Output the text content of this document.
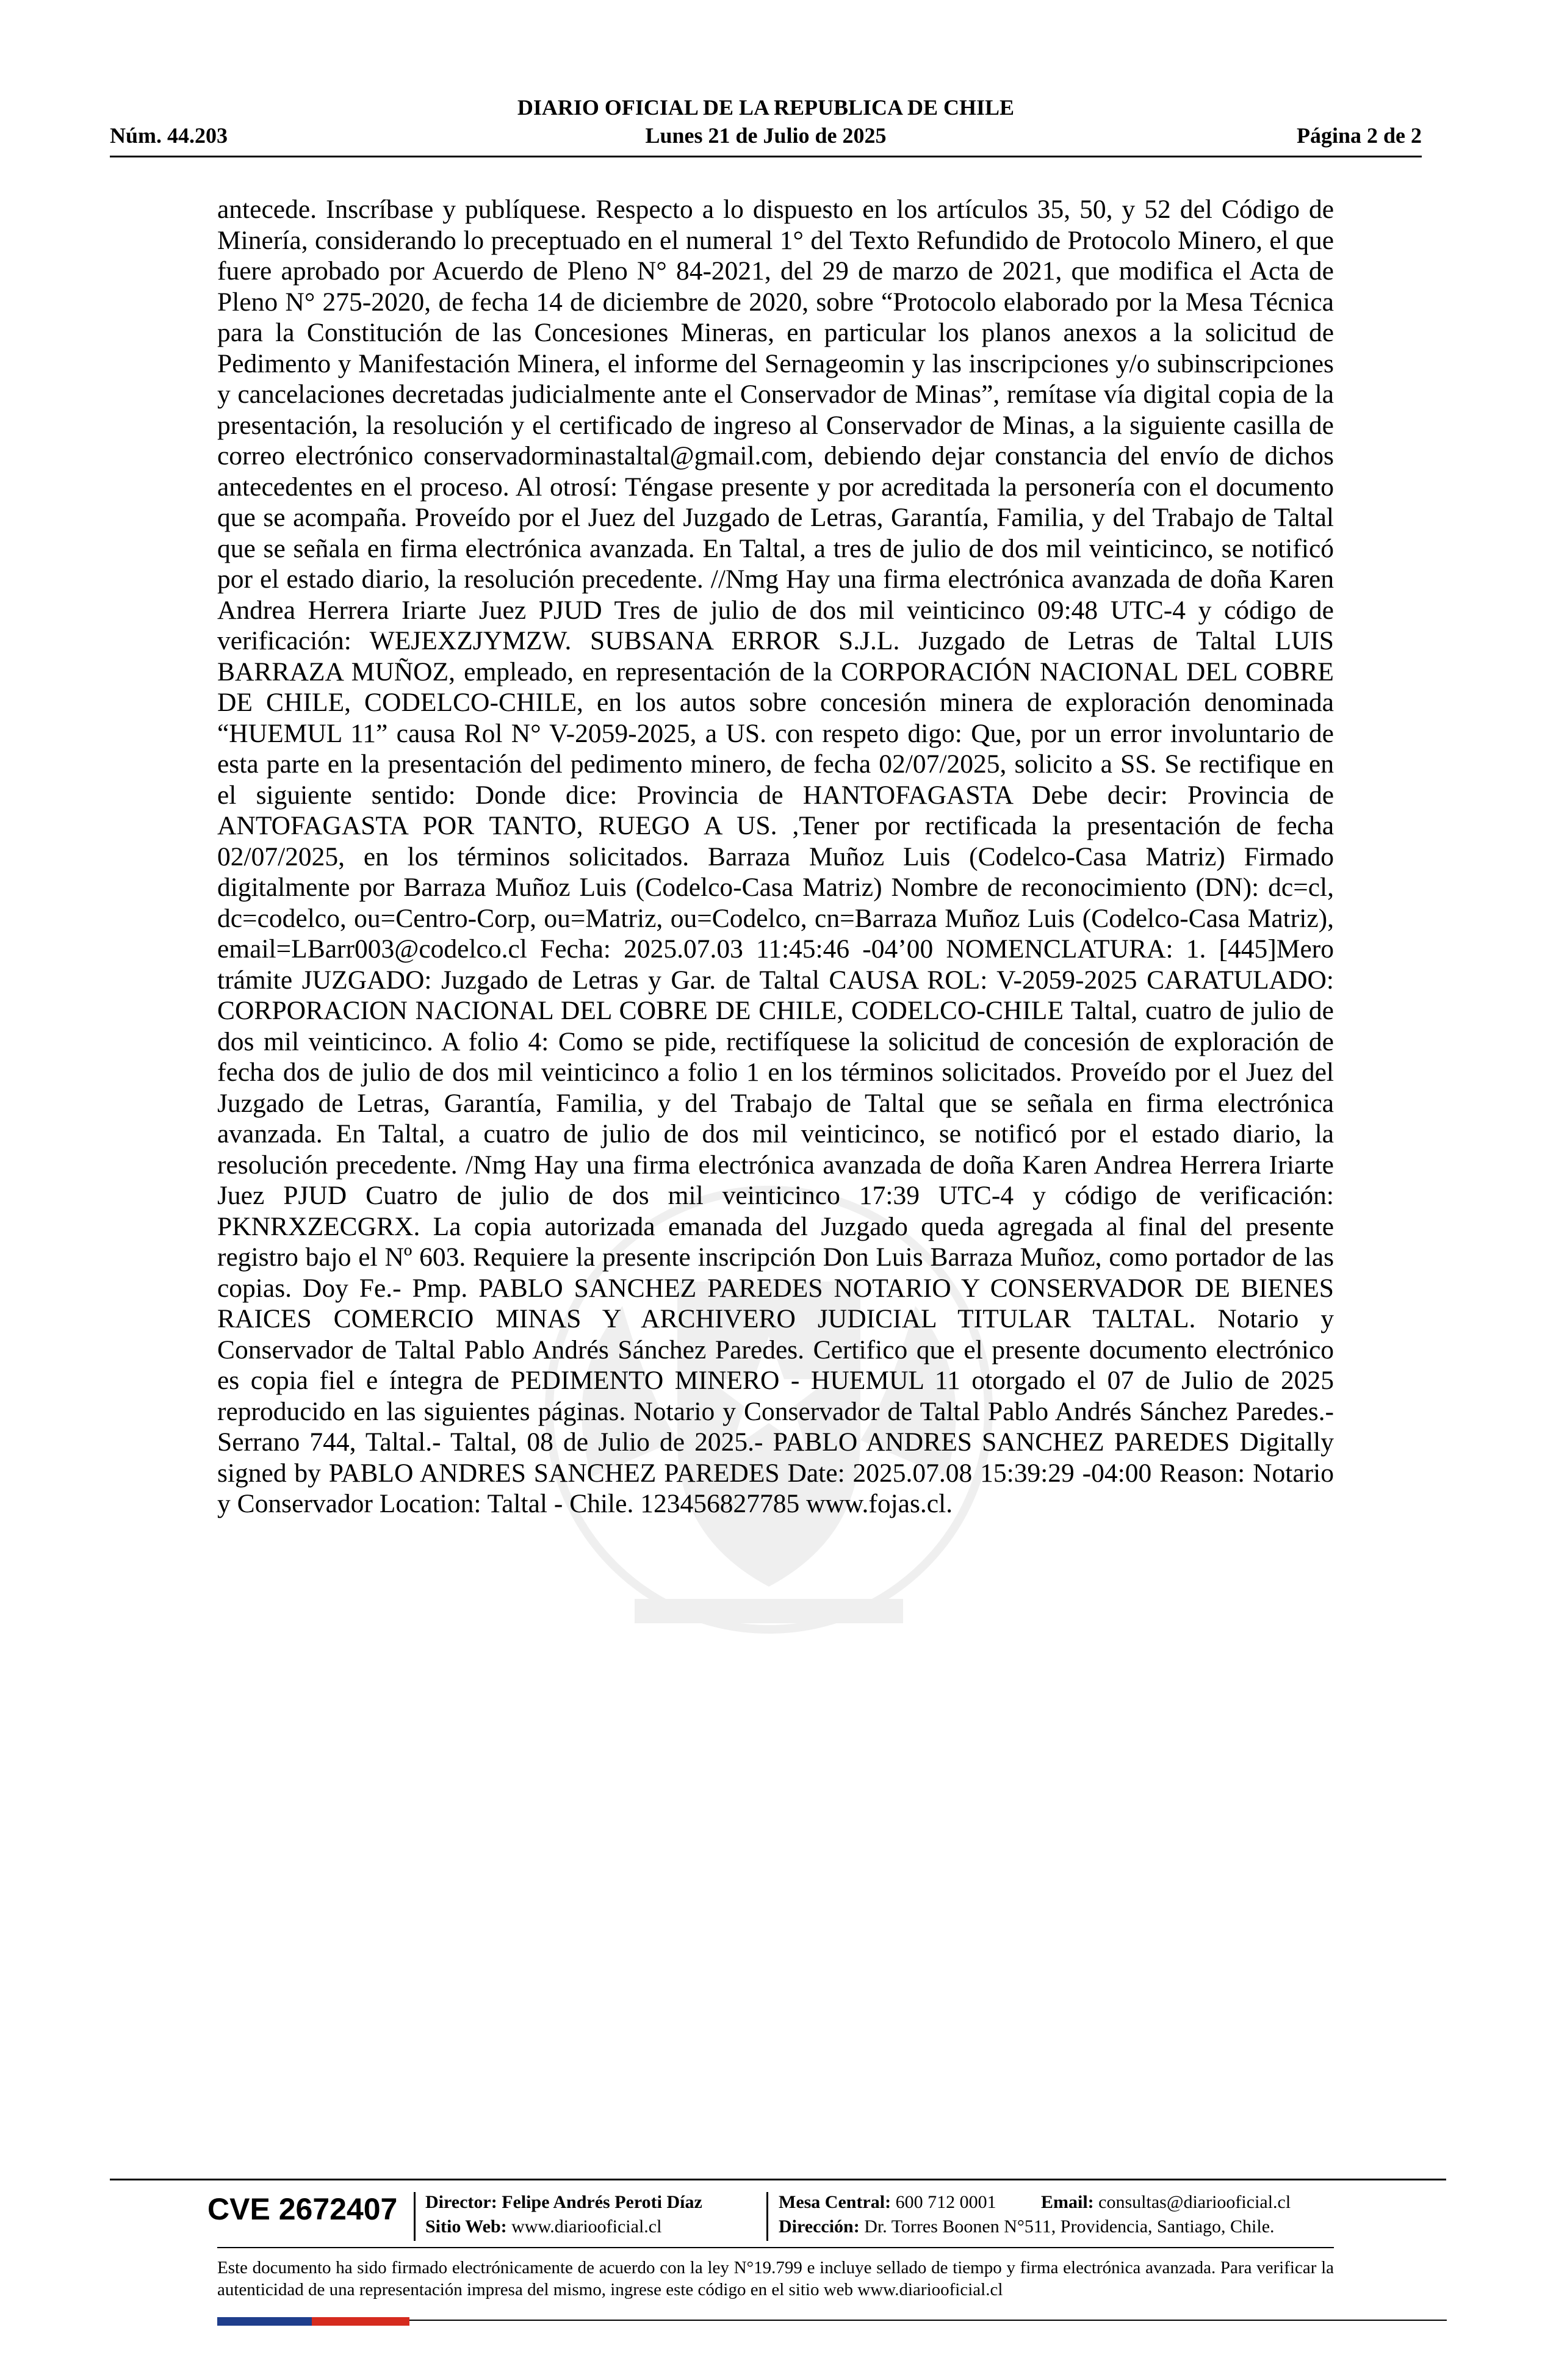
DIARIO OFICIAL DE LA REPUBLICA DE CHILE
Núm. 44.203	Lunes 21 de Julio de 2025	Página 2 de 2
antecede. Inscríbase y publíquese. Respecto a lo dispuesto en los artículos 35, 50, y 52 del Código de Minería, considerando lo preceptuado en el numeral 1° del Texto Refundido de Protocolo Minero, el que fuere aprobado por Acuerdo de Pleno N° 84-2021, del 29 de marzo de 2021, que modifica el Acta de Pleno N° 275-2020, de fecha 14 de diciembre de 2020, sobre “Protocolo elaborado por la Mesa Técnica para la Constitución de las Concesiones Mineras, en particular los planos anexos a la solicitud de Pedimento y Manifestación Minera, el informe del Sernageomin y las inscripciones y/o subinscripciones y cancelaciones decretadas judicialmente ante el Conservador de Minas”, remítase vía digital copia de la presentación, la resolución y el certificado de ingreso al Conservador de Minas, a la siguiente casilla de correo electrónico conservadorminastaltal@gmail.com, debiendo dejar constancia del envío de dichos antecedentes en el proceso. Al otrosí: Téngase presente y por acreditada la personería con el documento que se acompaña. Proveído por el Juez del Juzgado de Letras, Garantía, Familia, y del Trabajo de Taltal que se señala en firma electrónica avanzada. En Taltal, a tres de julio de dos mil veinticinco, se notificó por el estado diario, la resolución precedente. //Nmg Hay una firma electrónica avanzada de doña Karen Andrea Herrera Iriarte Juez PJUD Tres de julio de dos mil veinticinco 09:48 UTC-4 y código de verificación: WEJEXZJYMZW. SUBSANA ERROR S.J.L. Juzgado de Letras de Taltal LUIS BARRAZA MUÑOZ, empleado, en representación de la CORPORACIÓN NACIONAL DEL COBRE DE CHILE, CODELCO-CHILE, en los autos sobre concesión minera de exploración denominada “HUEMUL 11” causa Rol N° V-2059-2025, a US. con respeto digo: Que, por un error involuntario de esta parte en la presentación del pedimento minero, de fecha 02/07/2025, solicito a SS. Se rectifique en el siguiente sentido: Donde dice: Provincia de HANTOFAGASTA Debe decir: Provincia de ANTOFAGASTA POR TANTO, RUEGO A US. ,Tener por rectificada la presentación de fecha 02/07/2025, en los términos solicitados. Barraza Muñoz Luis (Codelco-Casa Matriz) Firmado digitalmente por Barraza Muñoz Luis (Codelco-Casa Matriz) Nombre de reconocimiento (DN): dc=cl, dc=codelco, ou=Centro-Corp, ou=Matriz, ou=Codelco, cn=Barraza Muñoz Luis (Codelco-Casa Matriz), email=LBarr003@codelco.cl Fecha: 2025.07.03 11:45:46 -04’00 NOMENCLATURA: 1. [445]Mero trámite JUZGADO: Juzgado de Letras y Gar. de Taltal CAUSA ROL: V-2059-2025 CARATULADO: CORPORACION NACIONAL DEL COBRE DE CHILE, CODELCO-CHILE Taltal, cuatro de julio de dos mil veinticinco. A folio 4: Como se pide, rectifíquese la solicitud de concesión de exploración de fecha dos de julio de dos mil veinticinco a folio 1 en los términos solicitados. Proveído por el Juez del Juzgado de Letras, Garantía, Familia, y del Trabajo de Taltal que se señala en firma electrónica avanzada. En Taltal, a cuatro de julio de dos mil veinticinco, se notificó por el estado diario, la resolución precedente. /Nmg Hay una firma electrónica avanzada de doña Karen Andrea Herrera Iriarte Juez PJUD Cuatro de julio de dos mil veinticinco 17:39 UTC-4 y código de verificación: PKNRXZECGRX. La copia autorizada emanada del Juzgado queda agregada al final del presente registro bajo el Nº 603. Requiere la presente inscripción Don Luis Barraza Muñoz, como portador de las copias. Doy Fe.- Pmp. PABLO SANCHEZ PAREDES NOTARIO Y CONSERVADOR DE BIENES RAICES COMERCIO MINAS Y ARCHIVERO JUDICIAL TITULAR TALTAL. Notario y Conservador de Taltal Pablo Andrés Sánchez Paredes. Certifico que el presente documento electrónico es copia fiel e íntegra de PEDIMENTO MINERO - HUEMUL 11 otorgado el 07 de Julio de 2025 reproducido en las siguientes páginas. Notario y Conservador de Taltal Pablo Andrés Sánchez Paredes.- Serrano 744, Taltal.- Taltal, 08 de Julio de 2025.- PABLO ANDRES SANCHEZ PAREDES Digitally signed by PABLO ANDRES SANCHEZ PAREDES Date: 2025.07.08 15:39:29 -04:00 Reason: Notario y Conservador Location: Taltal - Chile. 123456827785 www.fojas.cl.
CVE 2672407 Director: Felipe Andrés Peroti Díaz
Sitio Web: www.diariooficial.cl
Mesa Central: 600 712 0001 Email: consultas@diariooficial.cl
Dirección: Dr. Torres Boonen N°511, Providencia, Santiago, Chile.
Este documento ha sido firmado electrónicamente de acuerdo con la ley N°19.799 e incluye sellado de tiempo y firma electrónica avanzada. Para verificar la autenticidad de una representación impresa del mismo, ingrese este código en el sitio web www.diariooficial.cl
